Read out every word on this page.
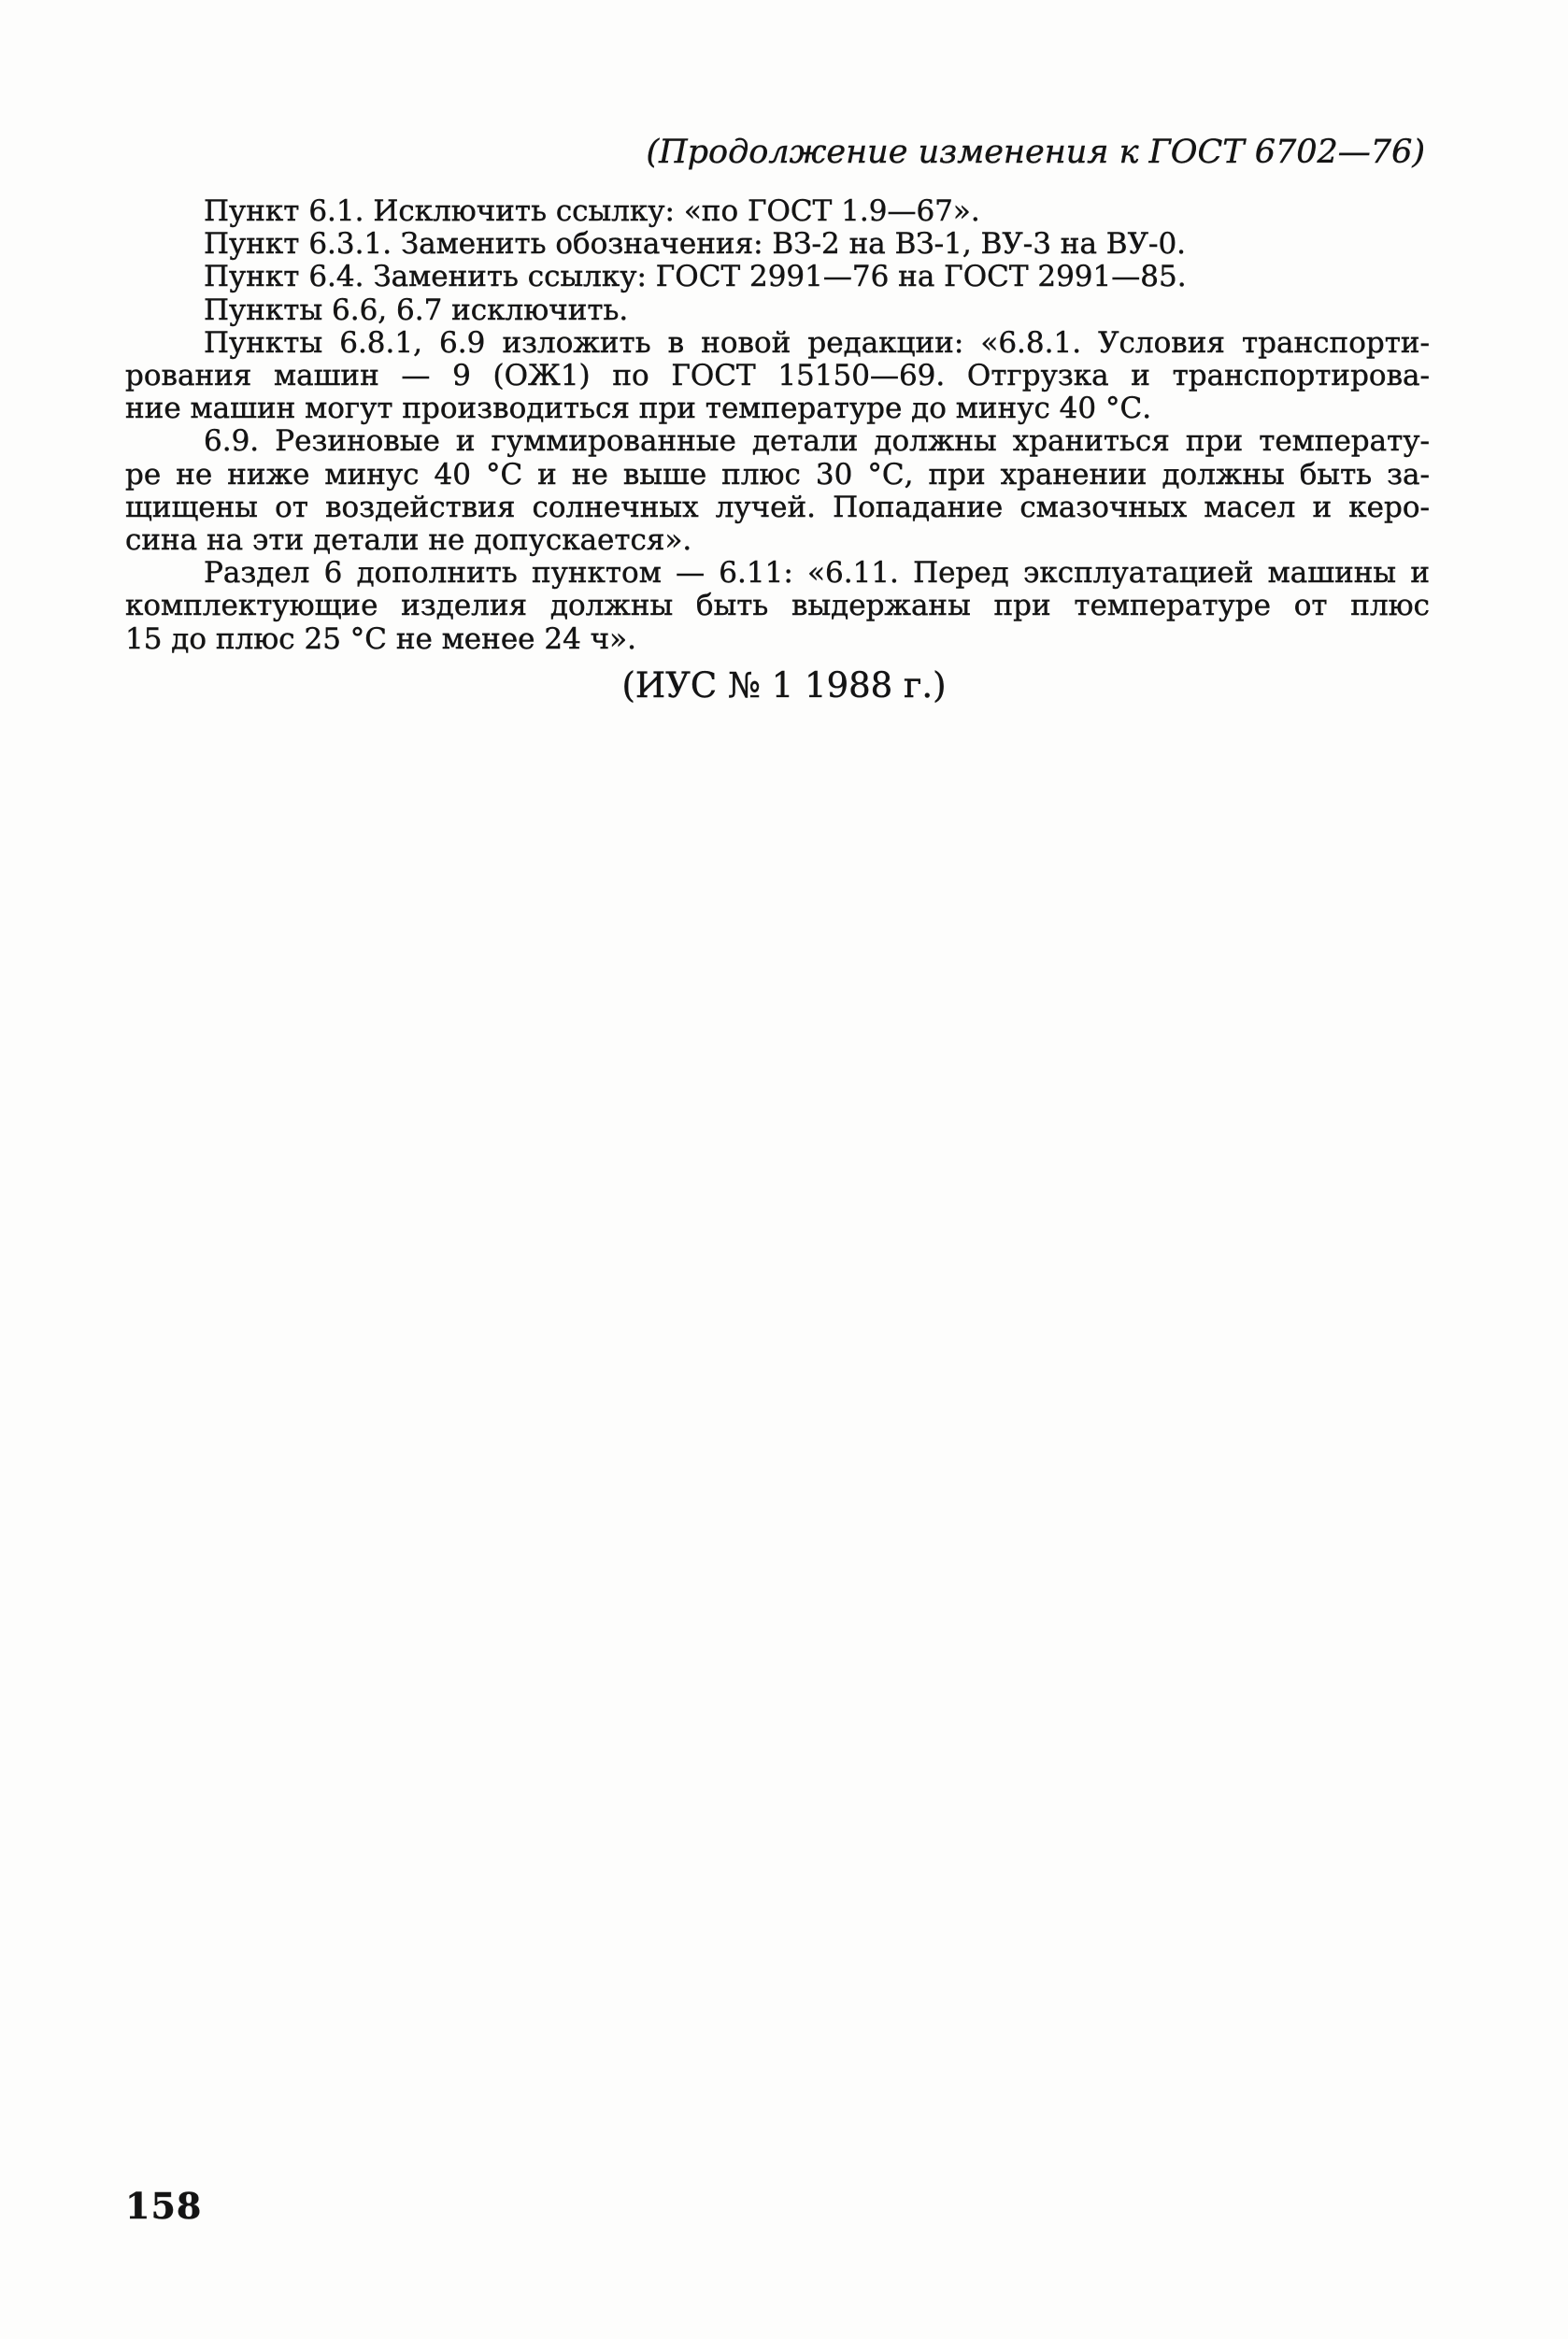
(Продолжение изменения к ГОСТ 6702—76)
Пункт 6.1. Исключить ссылку: «по ГОСТ 1.9—67».
Пункт 6.3.1. Заменить обозначения: ВЗ-2 на ВЗ-1, ВУ-3 на ВУ-0.
Пункт 6.4. Заменить ссылку: ГОСТ 2991—76 на ГОСТ 2991—85.
Пункты 6.6, 6.7 исключить.
Пункты 6.8.1, 6.9 изложить в новой редакции: «6.8.1. Условия транспорти-
рования машин — 9 (ОЖ1) по ГОСТ 15150—69. Отгрузка и транспортирова-
ние машин могут производиться при температуре до минус 40 °С.
6.9. Резиновые и гуммированные детали должны храниться при температу-
ре не ниже минус 40 °С и не выше плюс 30 °С, при хранении должны быть за-
щищены от воздействия солнечных лучей. Попадание смазочных масел и керо-
сина на эти детали не допускается».
Раздел 6 дополнить пунктом — 6.11: «6.11. Перед эксплуатацией машины и
комплектующие изделия должны быть выдержаны при температуре от плюс
15 до плюс 25 °С не менее 24 ч».
(ИУС № 1 1988 г.)
158
